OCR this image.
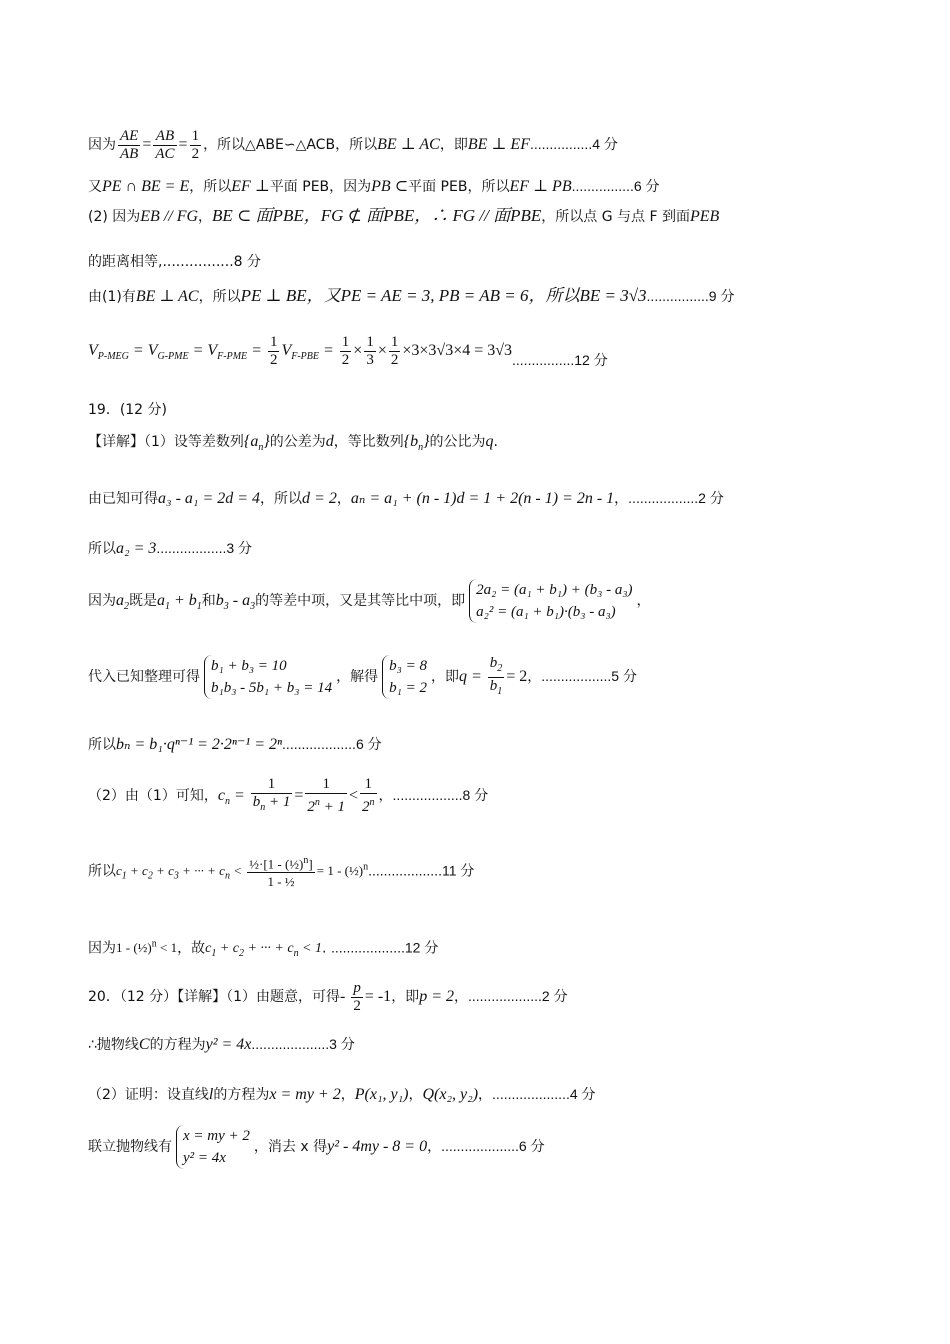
因为 $\frac{AE}{AB} = \frac{AB}{AC} = \frac{1}{2}$ ，所以△ABE∽△ACB，所以BE ⊥ AC，即BE ⊥ EF................4 分
又PE ∩ BE = E，所以EF ⊥平面 PEB，因为PB ⊂平面 PEB，所以EF ⊥ PB................6 分
(2) 因为EB // FG，BE ⊂ 面PBE，FG ⊄ 面PBE，∴ FG // 面PBE，所以点 G 与点 F 到面PEB
的距离相等,................8 分
由(1)有BE ⊥ AC，所以PE ⊥ BE，又PE = AE = 3, PB = AB = 6，所以BE = 3√3................9 分
$V_{P-MEG} = V_{G-PME} = V_{F-PME} = \frac{1}{2} V_{F-PBE} = \frac{1}{2} \times \frac{1}{3} \times \frac{1}{2} \times 3\times 3√3\times 4 = 3√3................12$ 分
19．(12 分)
【详解】（1）设等差数列$\{a_n\}$的公差为d，等比数列$\{b_n\}$的公比为q.
由已知可得a₃ - a₁ = 2d = 4，所以d = 2，aₙ = a₁ + (n - 1)d = 1 + 2(n - 1) = 2n - 1，..................2 分
所以a₂ = 3..................3 分
因为$a_2$既是$a_1 + b_1$和$b_3 - a_3$的等差中项，又是其等比中项，即
2a₂ = (a₁ + b₁) + (b₃ - a₃)
a₂² = (a₁ + b₁)·(b₃ - a₃)
，
代入已知整理可得
b₁ + b₃ = 10
b₁b₃ - 5b₁ + b₃ = 14
，解得
b₃ = 8
b₁ = 2
，即$q = \frac{b_2}{b_1} = 2$，..................5 分
所以bₙ = b₁·qⁿ⁻¹ = 2·2ⁿ⁻¹ = 2ⁿ...................6 分
（2）由（1）可知，$c_n = \frac{1}{b_n + 1} = \frac{1}{2^n + 1} < \frac{1}{2^n}$ ，..................8 分
所以$c_1 + c_2 + c_3$ + ··· + $c_n < \frac{\frac{1}{2}\cdot[1 - (\frac{1}{2})^n]}{\text{1 - ½}} = 1$ - (½)$^n$...................11 分
因为1 - (½)$^n$ < 1，故$c_1 + c_2$ + ··· + $c_n < 1$. ...................12 分
20．（12 分）【详解】（1）由题意，可得- $\frac{p}{2} = -1$，即p = 2，...................2 分
∴抛物线C的方程为y² = 4x....................3 分
（2）证明：设直线l的方程为x = my + 2，P(x₁, y₁)，Q(x₂, y₂)，....................4 分
联立抛物线有
x = my + 2
y² = 4x
，消去 x 得y² - 4my - 8 = 0，....................6 分
